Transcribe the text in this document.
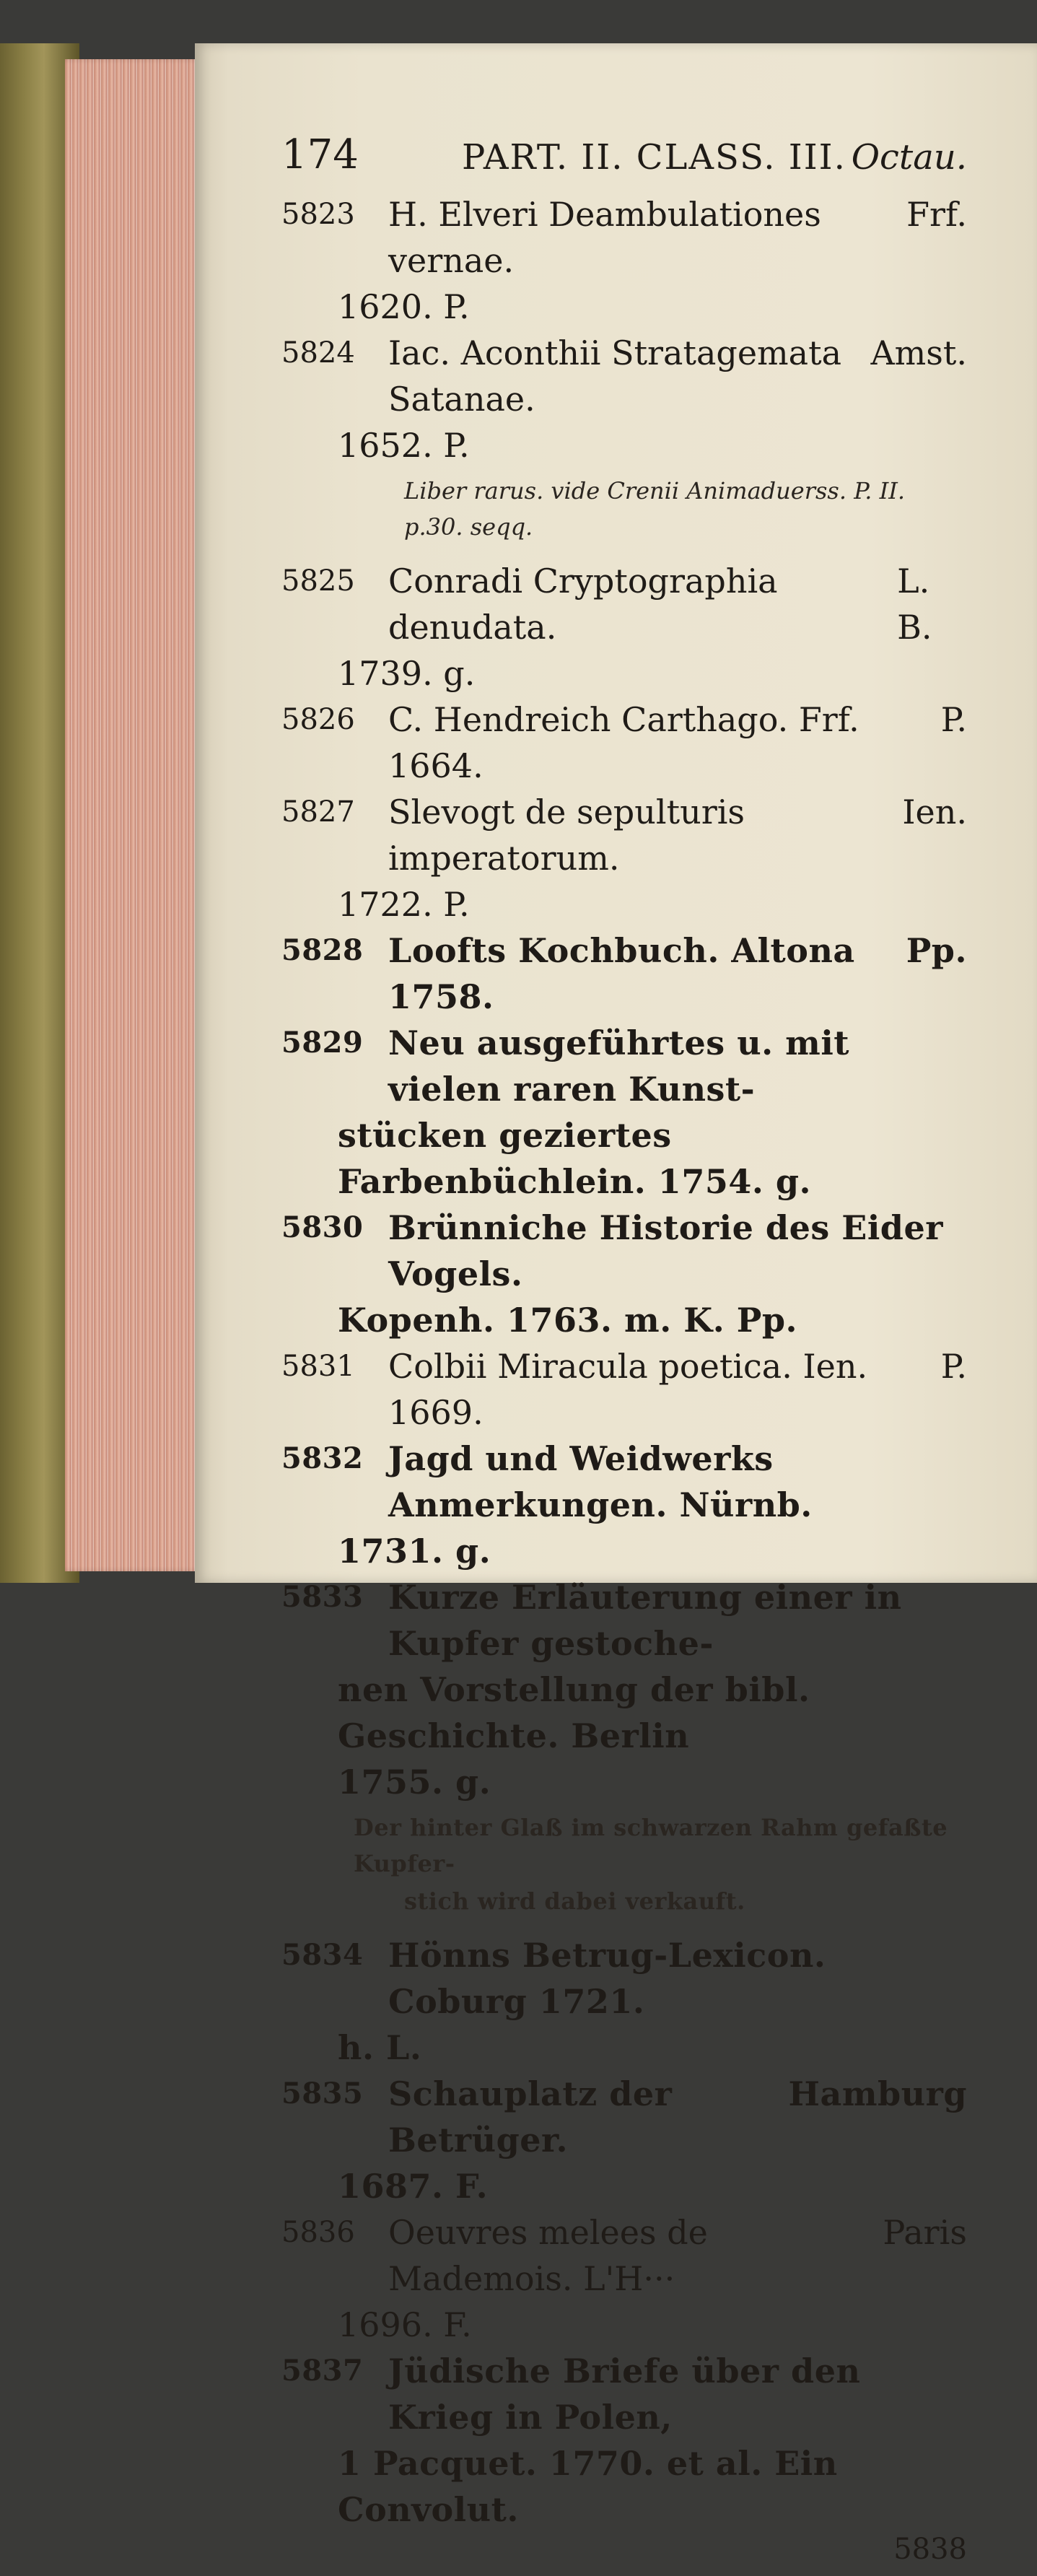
174	PART. II. CLASS. III. Octau.
5823 H. Elveri Deambulationes vernae.
Frf.
1620. P.
5824 Iac. Aconthii Stratagemata Satanae.
Amst.
1652. P.
Liber rarus. vide Crenii Animaduerss. P. II. p.30. seqq.
5825 Conradi Cryptographia denudata.
L. B.
1739. g.
5826 C. Hendreich Carthago. Frf. 1664.
P.
5827 Slevogt de sepulturis imperatorum.
Ien.
1722. P.
5828 Loofts Kochbuch. Altona 1758.
Pp.
5829 Neu ausgeführtes u. mit vielen raren Kunst-
stücken geziertes Farbenbüchlein. 1754. g.
5830 Brünniche Historie des Eider Vogels.
Kopenh. 1763. m. K. Pp.
5831 Colbii Miracula poetica. Ien. 1669.
P.
5832 Jagd und Weidwerks Anmerkungen. Nürnb.
1731. g.
5833 Kurze Erläuterung einer in Kupfer gestoche-
nen Vorstellung der bibl. Geschichte. Berlin
1755. g.
Der hinter Glaß im schwarzen Rahm gefaßte Kupfer-
stich wird dabei verkauft.
5834 Hönns Betrug-Lexicon. Coburg 1721.
h. L.
5835 Schauplatz der Betrüger.
Hamburg
1687. F.
5836 Oeuvres melees de Mademois. L'H···
Paris
1696. F.
5837 Jüdische Briefe über den Krieg in Polen,
1 Pacquet. 1770. et al. Ein Convolut.
5838
